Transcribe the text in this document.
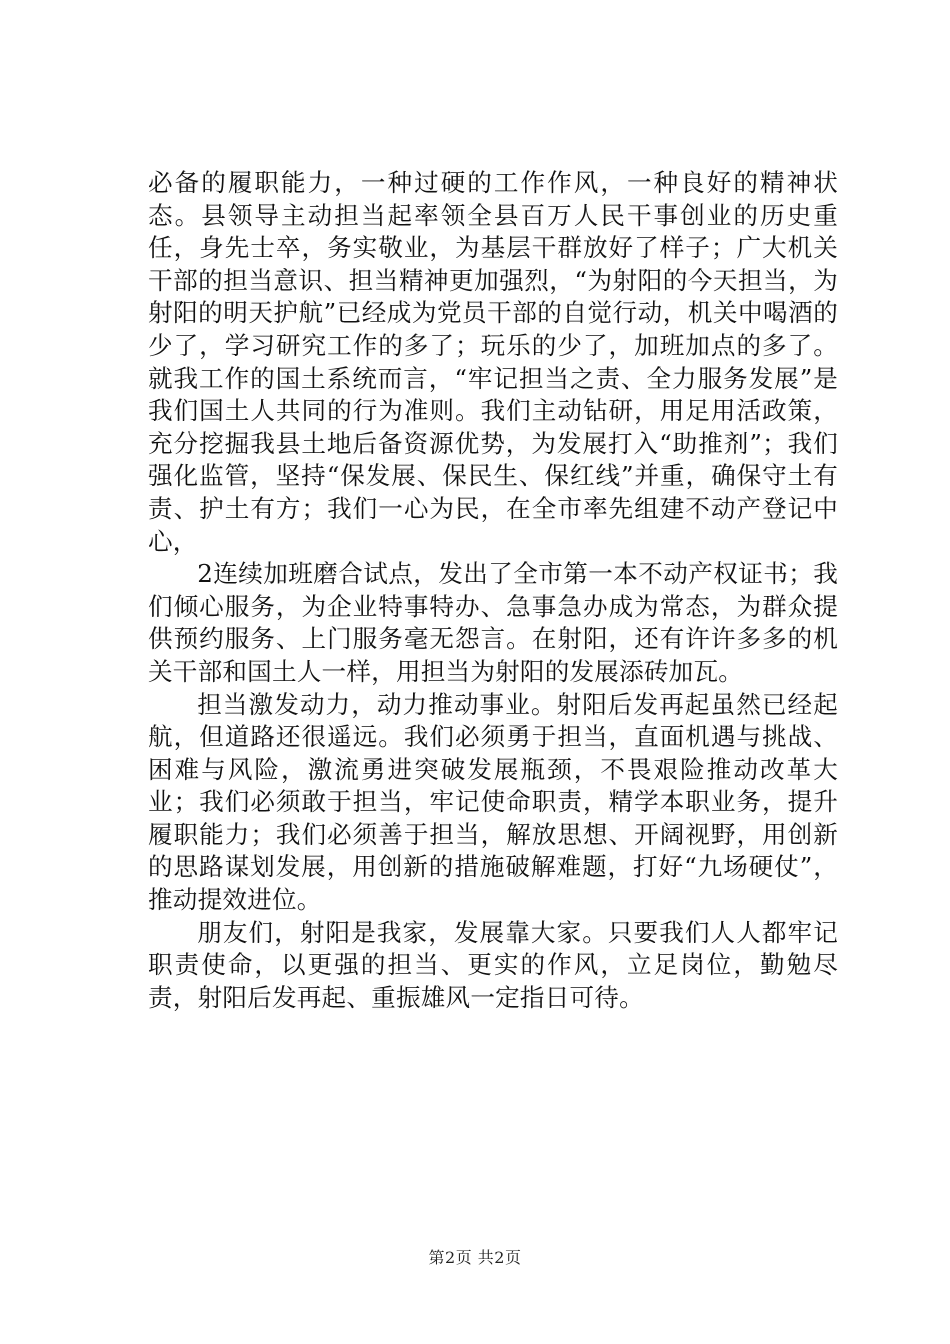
必备的履职能力，一种过硬的工作作风，一种良好的精神状态。县领导主动担当起率领全县百万人民干事创业的历史重任，身先士卒，务实敬业，为基层干群放好了样子；广大机关干部的担当意识、担当精神更加强烈，“为射阳的今天担当，为射阳的明天护航”已经成为党员干部的自觉行动，机关中喝酒的少了，学习研究工作的多了；玩乐的少了，加班加点的多了。就我工作的国土系统而言，“牢记担当之责、全力服务发展”是我们国土人共同的行为准则。我们主动钻研，用足用活政策，充分挖掘我县土地后备资源优势，为发展打入“助推剂”；我们强化监管，坚持“保发展、保民生、保红线”并重，确保守土有责、护土有方；我们一心为民，在全市率先组建不动产登记中心，

2连续加班磨合试点，发出了全市第一本不动产权证书；我们倾心服务，为企业特事特办、急事急办成为常态，为群众提供预约服务、上门服务毫无怨言。在射阳，还有许许多多的机关干部和国土人一样，用担当为射阳的发展添砖加瓦。

担当激发动力，动力推动事业。射阳后发再起虽然已经起航，但道路还很遥远。我们必须勇于担当，直面机遇与挑战、困难与风险，激流勇进突破发展瓶颈，不畏艰险推动改革大业；我们必须敢于担当，牢记使命职责，精学本职业务，提升履职能力；我们必须善于担当，解放思想、开阔视野，用创新的思路谋划发展，用创新的措施破解难题，打好“九场硬仗”，推动提效进位。

朋友们，射阳是我家，发展靠大家。只要我们人人都牢记职责使命，以更强的担当、更实的作风，立足岗位，勤勉尽责，射阳后发再起、重振雄风一定指日可待。

第2页 共2页
